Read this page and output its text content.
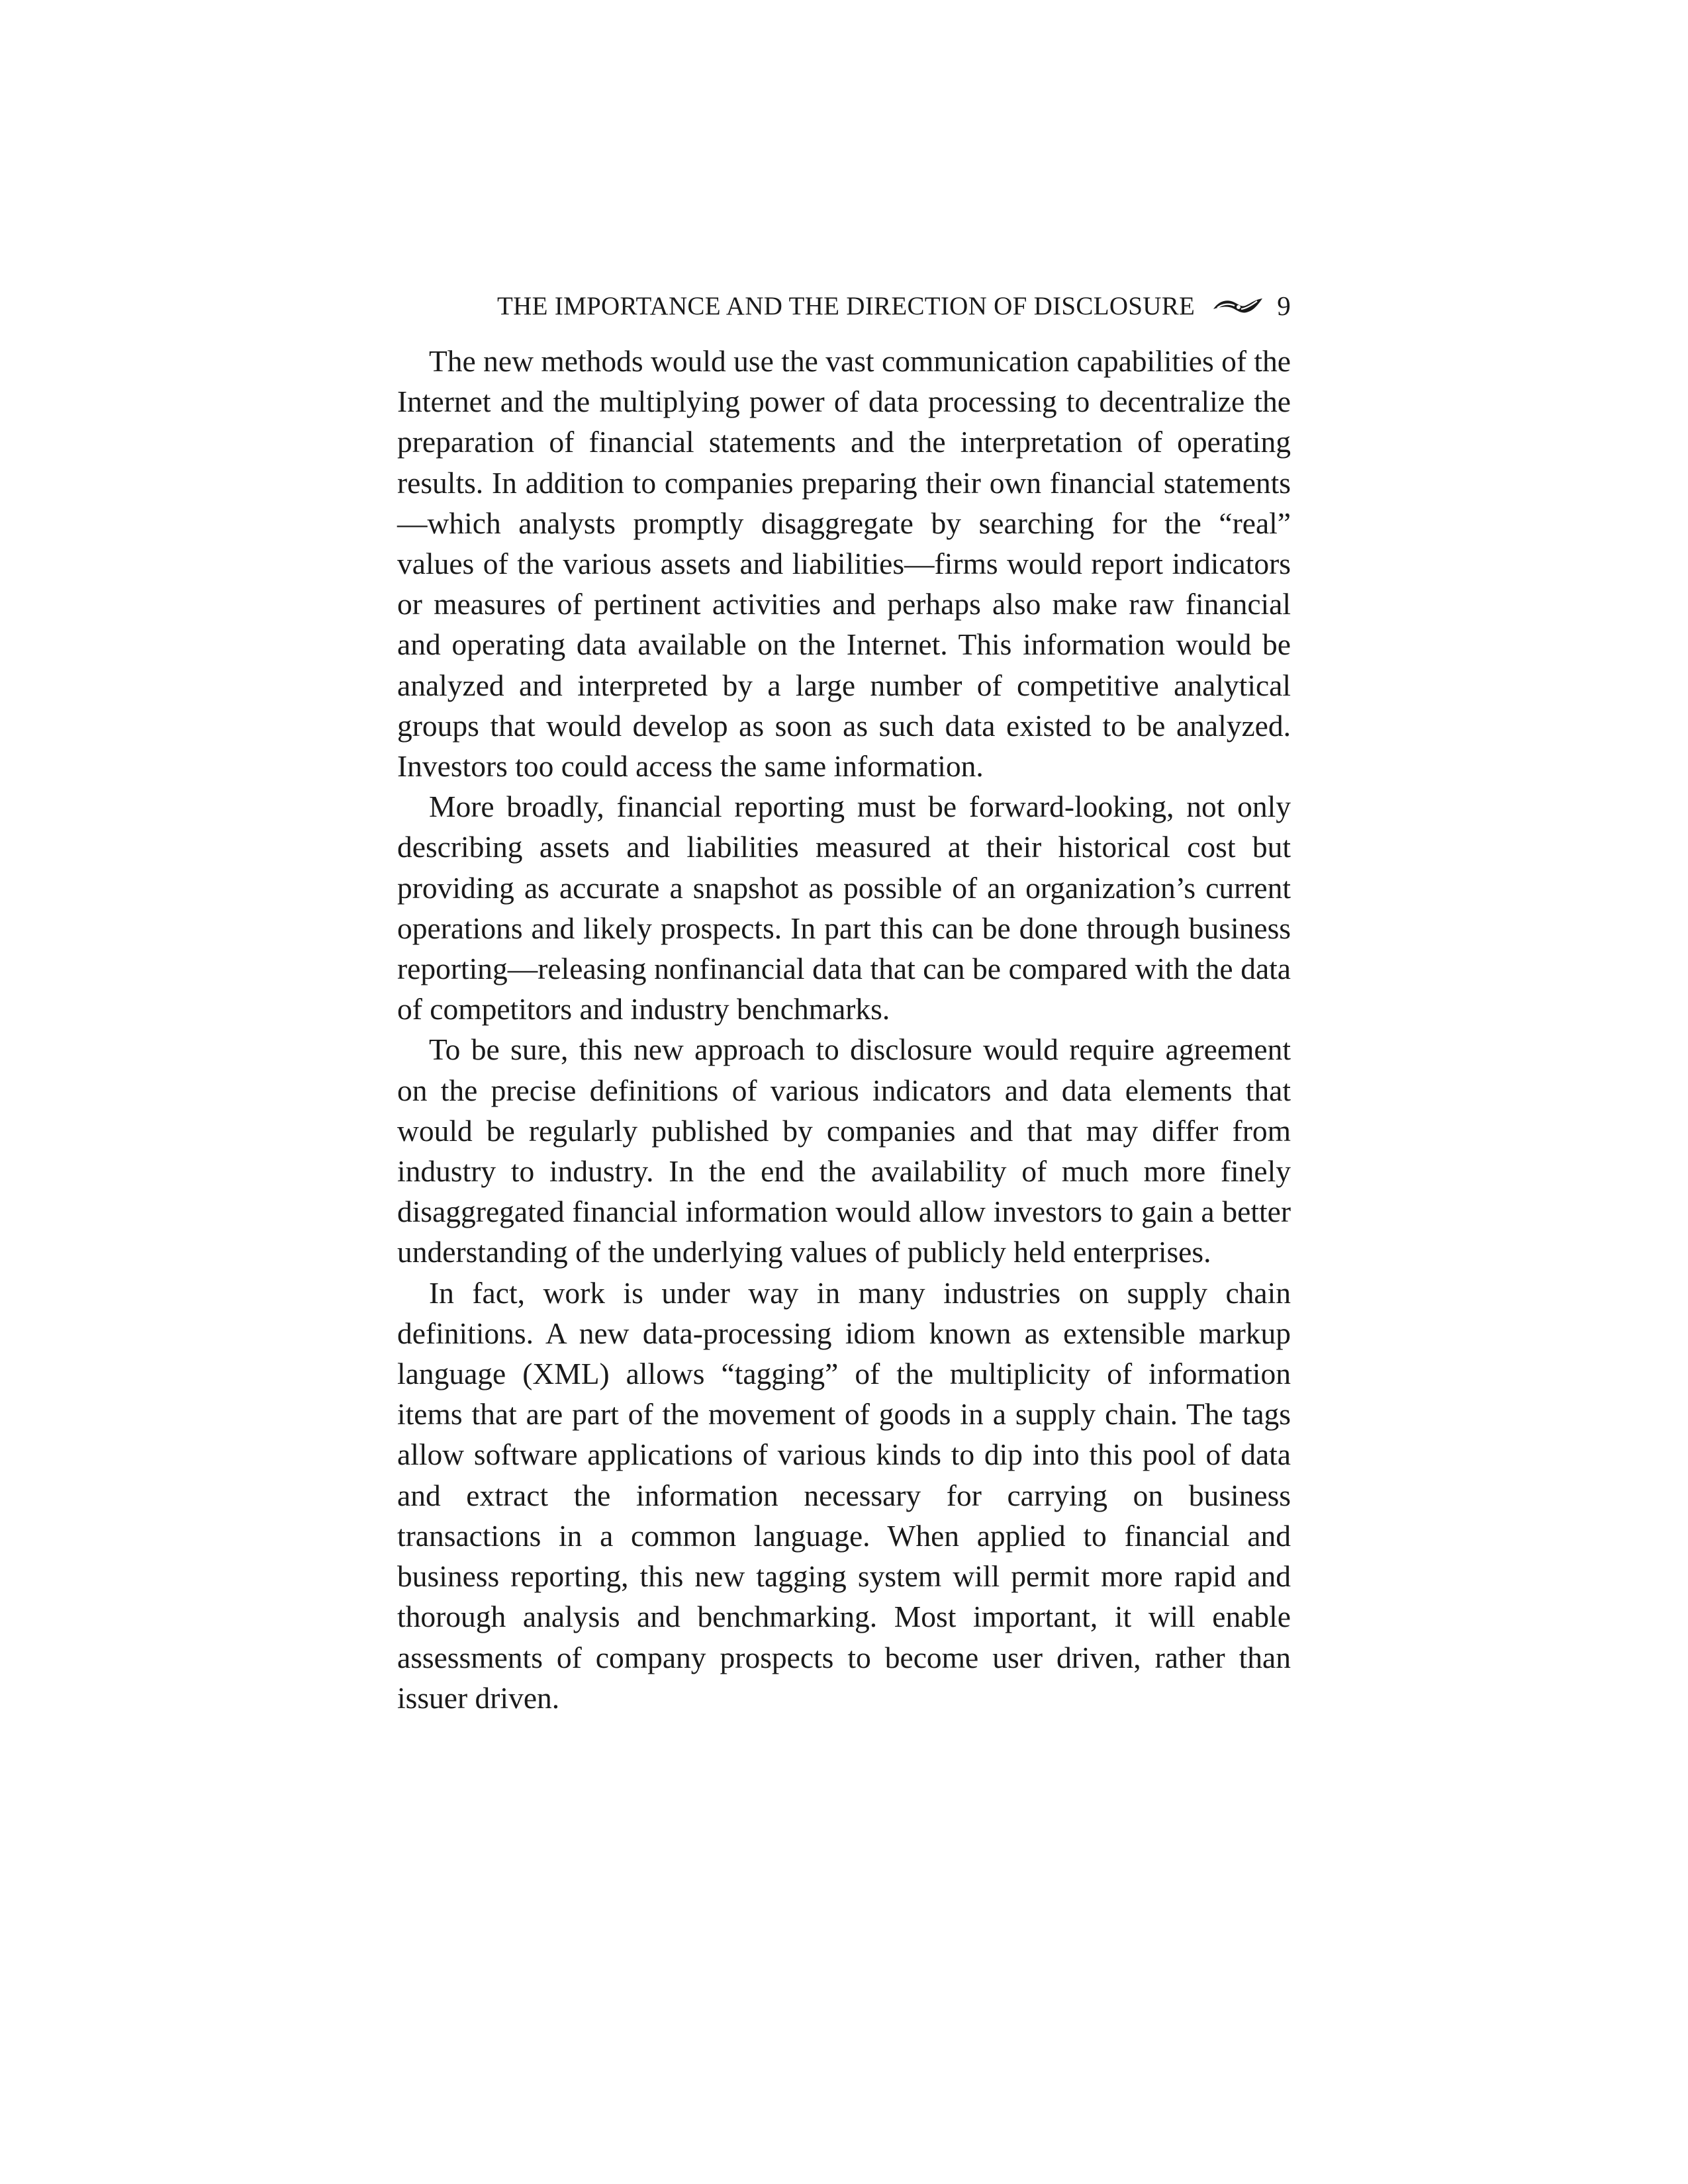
THE IMPORTANCE AND THE DIRECTION OF DISCLOSURE	9

The new methods would use the vast communication capabilities of the Internet and the multiplying power of data processing to decentralize the preparation of financial statements and the interpretation of operating results. In addition to companies preparing their own financial statements—which analysts promptly disaggregate by searching for the “real” values of the various assets and liabilities—firms would report indicators or measures of pertinent activities and perhaps also make raw financial and operating data available on the Internet. This information would be analyzed and interpreted by a large number of competitive analytical groups that would develop as soon as such data existed to be analyzed. Investors too could access the same information.

More broadly, financial reporting must be forward-looking, not only describing assets and liabilities measured at their historical cost but providing as accurate a snapshot as possible of an organization’s current operations and likely prospects. In part this can be done through business reporting—releasing nonfinancial data that can be compared with the data of competitors and industry benchmarks.

To be sure, this new approach to disclosure would require agreement on the precise definitions of various indicators and data elements that would be regularly published by companies and that may differ from industry to industry. In the end the availability of much more finely disaggregated financial information would allow investors to gain a better understanding of the underlying values of publicly held enterprises.

In fact, work is under way in many industries on supply chain definitions. A new data-processing idiom known as extensible markup language (XML) allows “tagging” of the multiplicity of information items that are part of the movement of goods in a supply chain. The tags allow software applications of various kinds to dip into this pool of data and extract the information necessary for carrying on business transactions in a common language. When applied to financial and business reporting, this new tagging system will permit more rapid and thorough analysis and benchmarking. Most important, it will enable assessments of company prospects to become user driven, rather than issuer driven.
